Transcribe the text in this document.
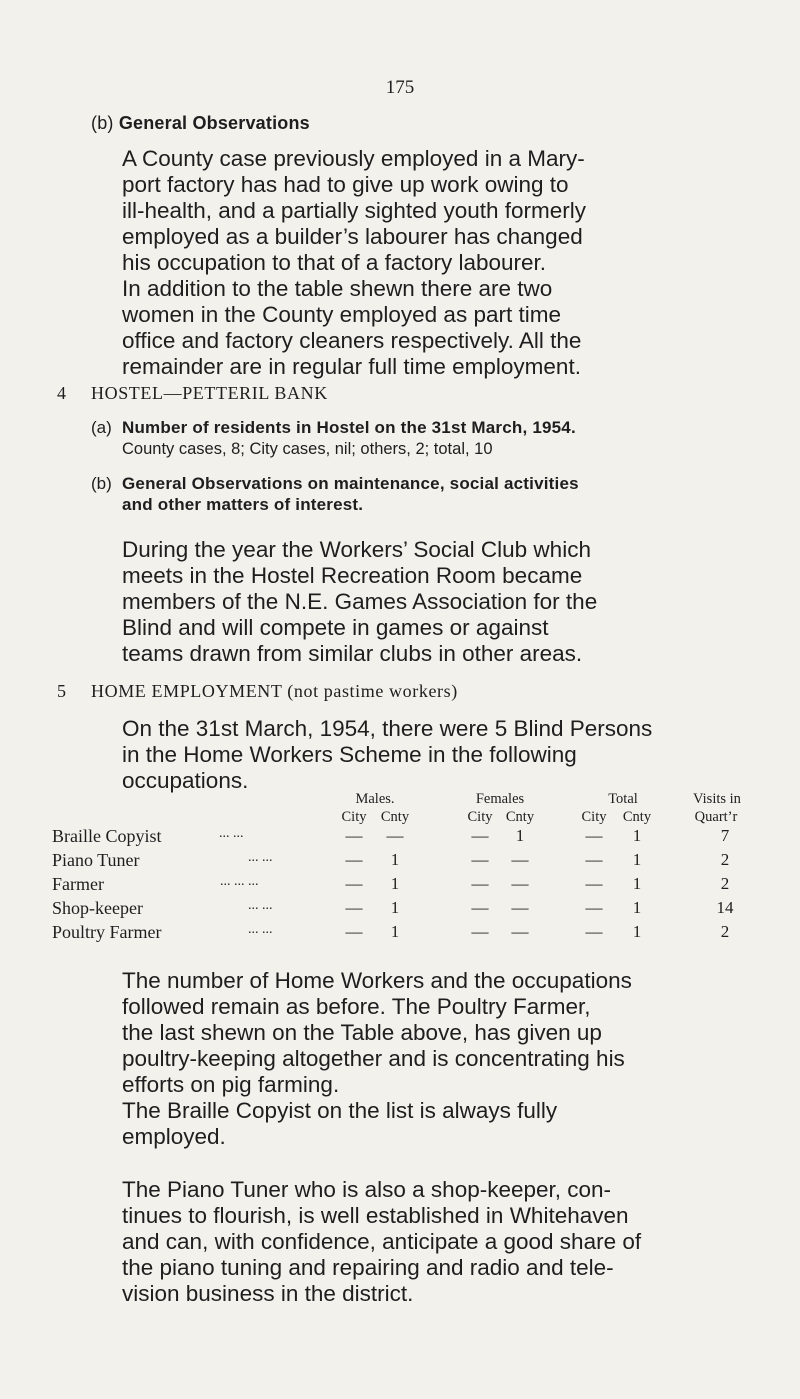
175
(b) General Observations

A County case previously employed in a Mary-

port factory has had to give up work owing to

ill-health, and a partially sighted youth formerly

employed as a builder’s labourer has changed

his occupation to that of a factory labourer.

In addition to the table shewn there are two

women in the County employed as part time

office and factory cleaners respectively. All the

remainder are in regular full time employment.

4 HOSTEL—PETTERIL BANK
(a) Number of residents in Hostel on the 31st March, 1954.
County cases, 8; City cases, nil; others, 2; total, 10
(b) General Observations on maintenance, social activities
and other matters of interest.

During the year the Workers’ Social Club which

meets in the Hostel Recreation Room became

members of the N.E. Games Association for the

Blind and will compete in games or against

teams drawn from similar clubs in other areas.

5 HOME EMPLOYMENT (not pastime workers)

On the 31st March, 1954, there were 5 Blind Persons

in the Home Workers Scheme in the following

occupations.

Males.	Females	Total	Visits in
City Cnty	City Cnty	City	Cnty	Quart’r
Braille Copyist	... ...	—	—	—	1	—	1	7
Piano Tuner	... ...	—	1	—	—	—	1	2
Farmer	... ... ...	—	1	—	—	—	1	2
Shop-keeper	... ...	—	1	—	—	—	1	14
Poultry Farmer	... ...	—	1	—	—	—	1	2

The number of Home Workers and the occupations

followed remain as before. The Poultry Farmer,

the last shewn on the Table above, has given up

poultry-keeping altogether and is concentrating his

efforts on pig farming.

The Braille Copyist on the list is always fully

employed.

The Piano Tuner who is also a shop-keeper, con-

tinues to flourish, is well established in Whitehaven

and can, with confidence, anticipate a good share of

the piano tuning and repairing and radio and tele-

vision business in the district.
